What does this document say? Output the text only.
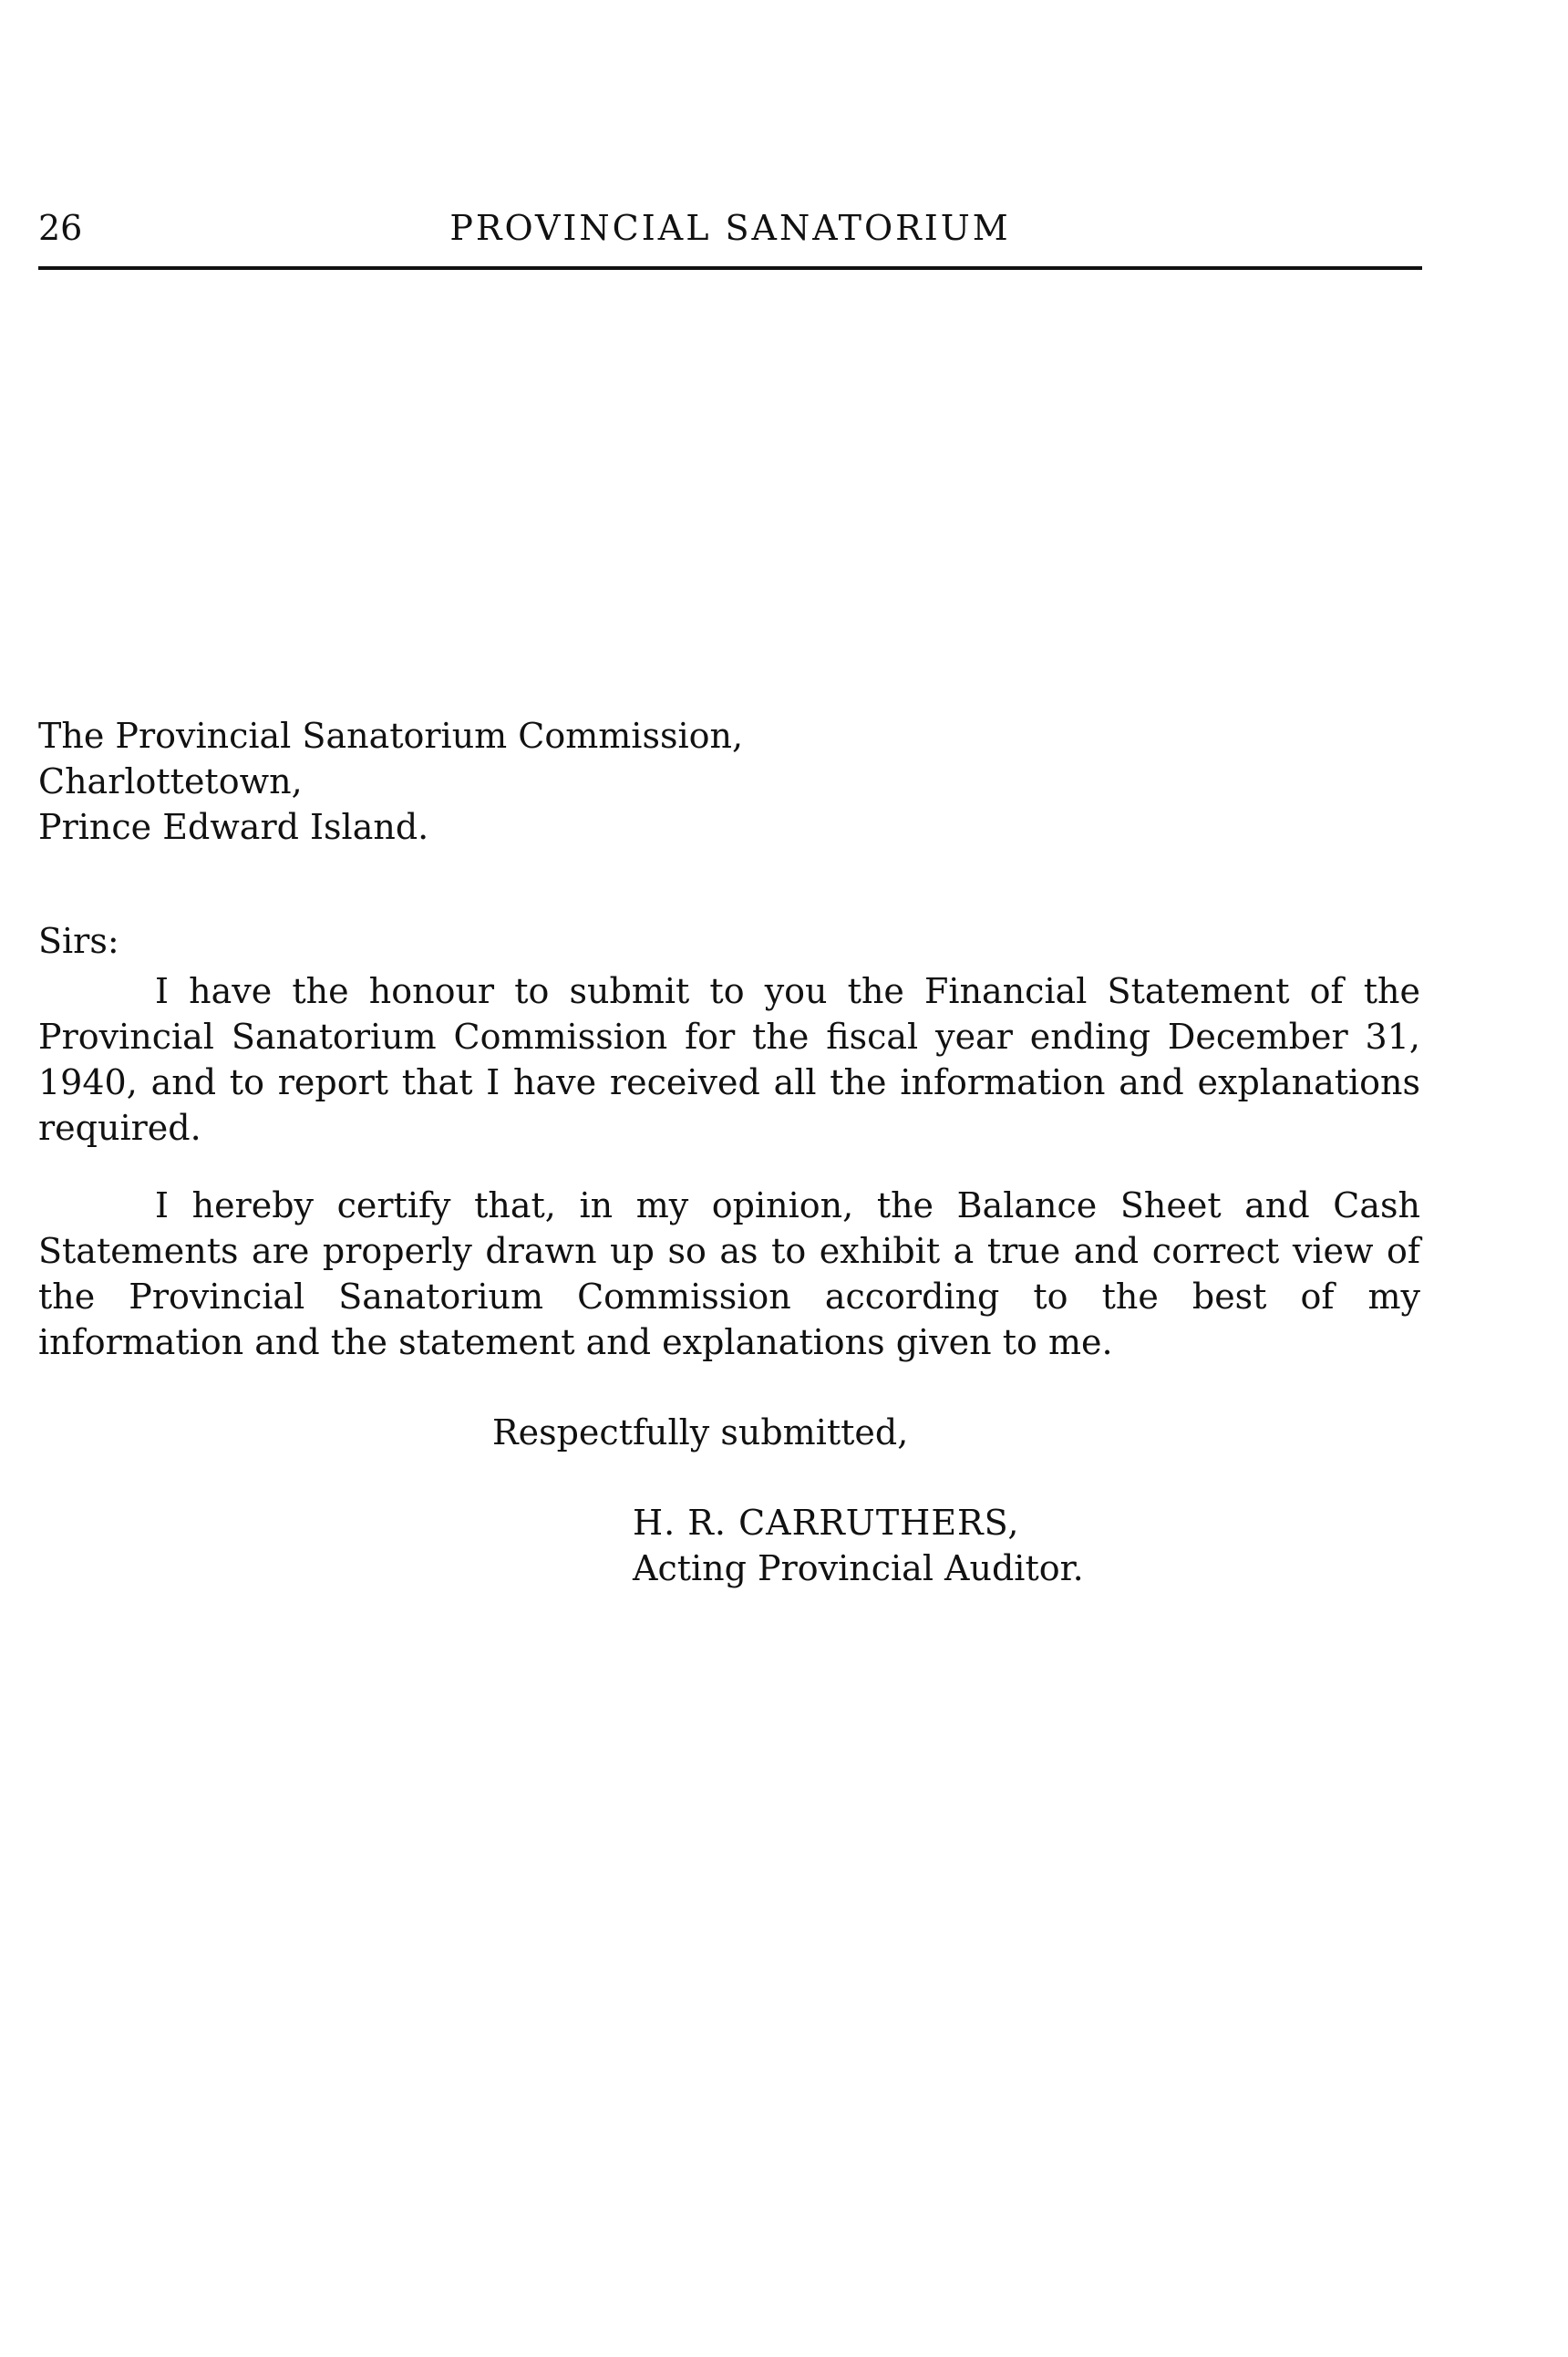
26	PROVINCIAL SANATORIUM
The Provincial Sanatorium Commission,
Charlottetown,
Prince Edward Island.
Sirs:

I have the honour to submit to you the Financial Statement of the Provincial Sanatorium Commission for the fiscal year ending December 31, 1940, and to report that I have received all the information and explanations required.

I hereby certify that, in my opinion, the Balance Sheet and Cash Statements are properly drawn up so as to exhibit a true and correct view of the Provincial Sanatorium Commission according to the best of my information and the statement and explanations given to me.

Respectfully submitted,
H. R. CARRUTHERS,
Acting Provincial Auditor.
